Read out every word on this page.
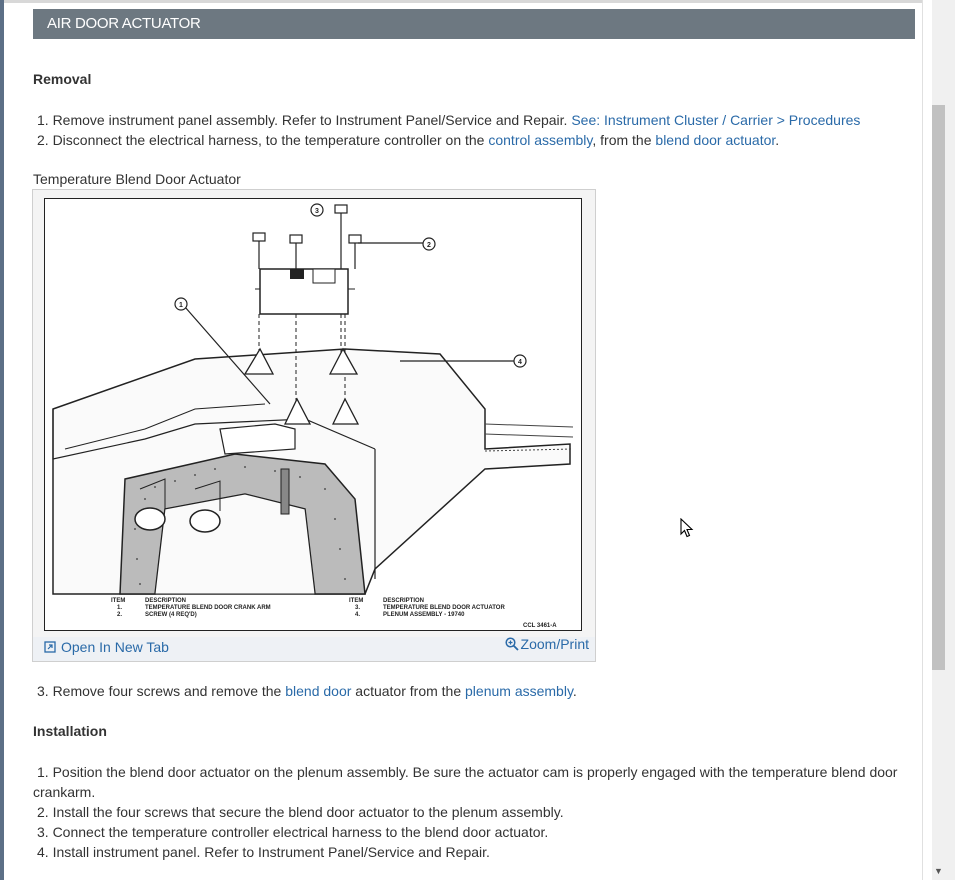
▼
AIR DOOR ACTUATOR
Removal
1. Remove instrument panel assembly. Refer to Instrument Panel/Service and Repair. See: Instrument Cluster / Carrier > Procedures
2. Disconnect the electrical harness, to the temperature controller on the control assembly, from the blend door actuator.
Temperature Blend Door Actuator
1
2
3
4
ITEM	DESCRIPTION
1.	TEMPERATURE BLEND DOOR CRANK ARM
2.	SCREW (4 REQ'D)
ITEM	DESCRIPTION
3.	TEMPERATURE BLEND DOOR ACTUATOR
4.	PLENUM ASSEMBLY - 19740
CCL 3461-A
Open In New Tab	Zoom/Print
3. Remove four screws and remove the blend door actuator from the plenum assembly.
Installation
1. Position the blend door actuator on the plenum assembly. Be sure the actuator cam is properly engaged with the temperature blend door crankarm.
2. Install the four screws that secure the blend door actuator to the plenum assembly.
3. Connect the temperature controller electrical harness to the blend door actuator.
4. Install instrument panel. Refer to Instrument Panel/Service and Repair.
